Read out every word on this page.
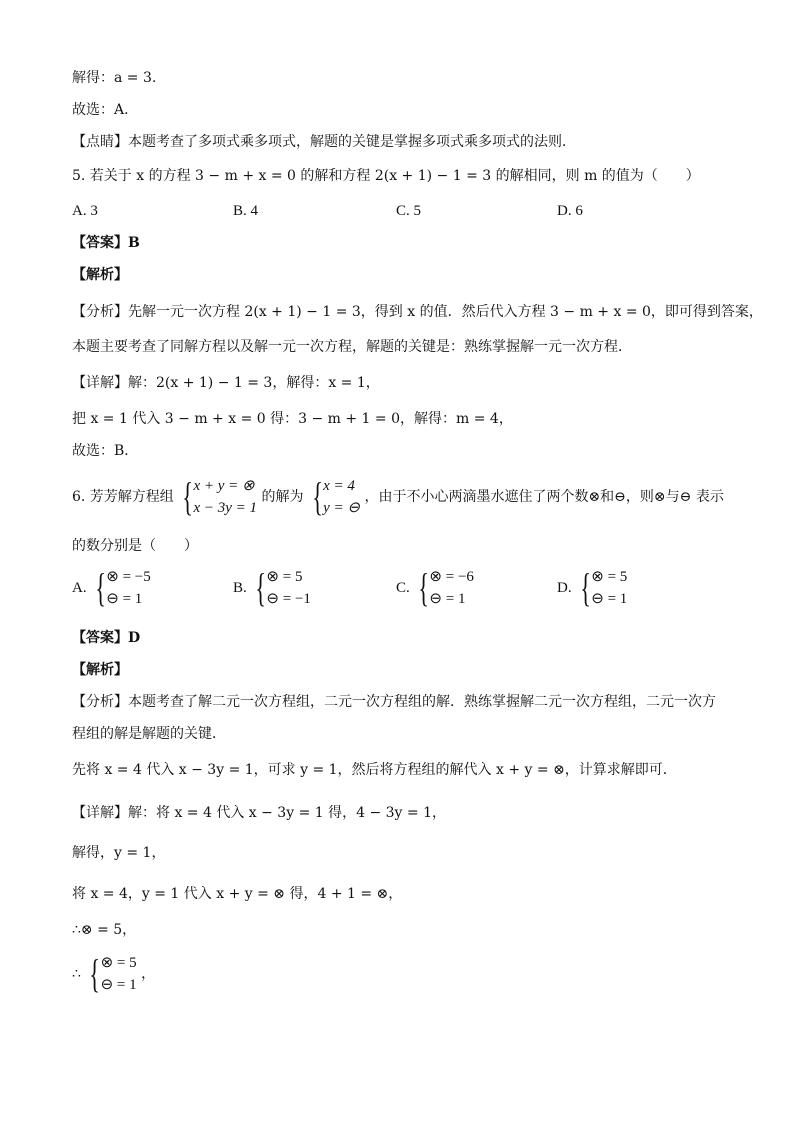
解得：a = 3.
故选：A．
【点睛】本题考查了多项式乘多项式，解题的关键是掌握多项式乘多项式的法则．
5. 若关于 x 的方程 3 − m + x = 0 的解和方程 2(x + 1) − 1 = 3 的解相同，则 m 的值为（　　）
A. 3	B. 4	C. 5	D. 6
【答案】B
【解析】
【分析】先解一元一次方程 2(x + 1) − 1 = 3，得到 x 的值．然后代入方程 3 − m + x = 0，即可得到答案，
本题主要考查了同解方程以及解一元一次方程，解题的关键是：熟练掌握解一元一次方程．
【详解】解：2(x + 1) − 1 = 3，解得：x = 1，
把 x = 1 代入 3 − m + x = 0 得：3 − m + 1 = 0，解得：m = 4，
故选：B．
6. 芳芳解方程组 { x + y = ⊗
x − 3y = 1
的解为 { x = 4
y = ⊖
，由于不小心两滴墨水遮住了两个数⊗和⊖，则⊗与⊖ 表示
的数分别是（　　）
A. { ⊗ = −5
⊖ = 1
B. { ⊗ = 5
⊖ = −1
C. { ⊗ = −6
⊖ = 1
D. { ⊗ = 5
⊖ = 1
【答案】D
【解析】
【分析】本题考查了解二元一次方程组，二元一次方程组的解．熟练掌握解二元一次方程组，二元一次方
程组的解是解题的关键．
先将 x = 4 代入 x − 3y = 1，可求 y = 1，然后将方程组的解代入 x + y = ⊗，计算求解即可．
【详解】解：将 x = 4 代入 x − 3y = 1 得，4 − 3y = 1，
解得，y = 1，
将 x = 4，y = 1 代入 x + y = ⊗ 得，4 + 1 = ⊗，
∴⊗ = 5，
∴ { ⊗ = 5
⊖ = 1
，
